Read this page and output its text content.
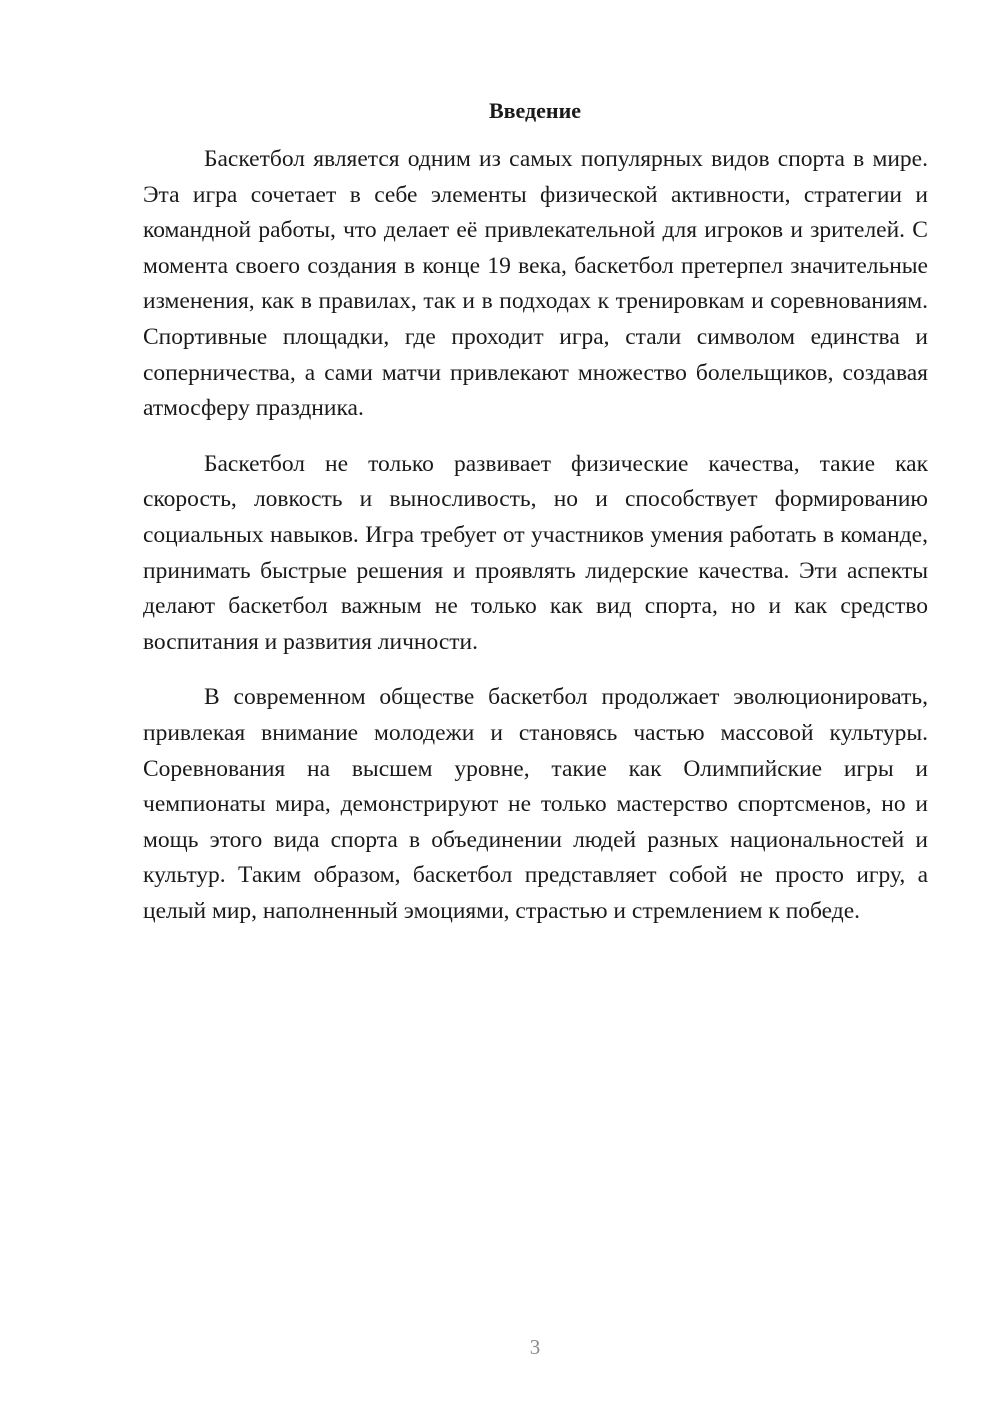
Введение

Баскетбол является одним из самых популярных видов спорта в мире. Эта игра сочетает в себе элементы физической активности, стратегии и командной работы, что делает её привлекательной для игроков и зрителей. С момента своего создания в конце 19 века, баскетбол претерпел значительные изменения, как в правилах, так и в подходах к тренировкам и соревнованиям. Спортивные площадки, где проходит игра, стали символом единства и соперничества, а сами матчи привлекают множество болельщиков, создавая атмосферу праздника.

Баскетбол не только развивает физические качества, такие как скорость, ловкость и выносливость, но и способствует формированию социальных навыков. Игра требует от участников умения работать в команде, принимать быстрые решения и проявлять лидерские качества. Эти аспекты делают баскетбол важным не только как вид спорта, но и как средство воспитания и развития личности.

В современном обществе баскетбол продолжает эволюционировать, привлекая внимание молодежи и становясь частью массовой культуры. Соревнования на высшем уровне, такие как Олимпийские игры и чемпионаты мира, демонстрируют не только мастерство спортсменов, но и мощь этого вида спорта в объединении людей разных национальностей и культур. Таким образом, баскетбол представляет собой не просто игру, а целый мир, наполненный эмоциями, страстью и стремлением к победе.

3
